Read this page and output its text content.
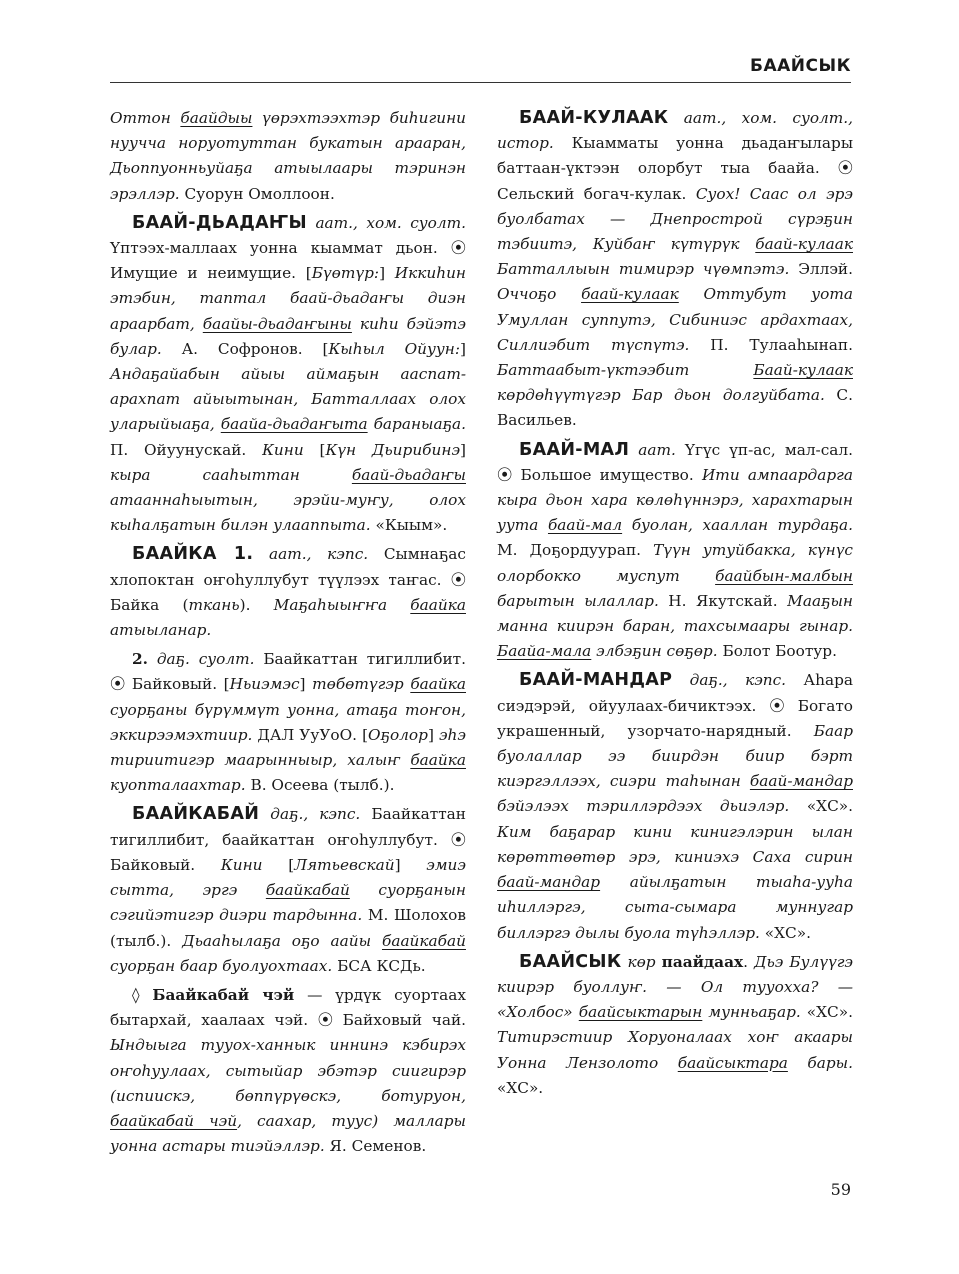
БААЙСЫК

Оттон баайдыы үөрэхтээхтэр биһигини нуучча норуотуттан букатын арааран, Дьоппуонньуйаҕа атыылаары тэринэн эрэллэр. Суорун Омоллоон.

БААЙ-ДЬАДАҤЫ аат., хом. суолт. Үптээх-маллаах уонна кыаммат дьон. ⦿ Имущие и неимущие. [Бүөтүр:] Иккиһин этэбин, таптал баай-дьадаҥы диэн араарбат, баайы-дьадаҥыны киһи бэйэтэ булар. А. Софронов. [Кыһыл Ойуун:] Андаҕайабын айыы аймаҕын ааспат-арахпат айыытынан, Батталлаах олох уларыйыаҕа, баайа-дьадаҥыта бараныаҕа. П. Ойуунускай. Кини [Күн Дьирибинэ] кыра сааһыттан баай-дьадаҥы атааннаһыытын, эрэйи-муҥу, олох кыһалҕатын билэн улааппыта. «Кыым».

БААЙКА 1. аат., кэпс. Сымнаҕас хлопоктан оҥоһуллубут түүлээх таҥас. ⦿ Байка (ткань). Маҕаһыыҥҥа баайка атыыланар.

2. даҕ. суолт. Баайкаттан тигиллибит. ⦿ Байковый. [Ньиэмэс] төбөтүгэр баайка суорҕаны бүрүммүт уонна, атаҕа тоҥон, эккирээмэхтиир. ДАЛ УуУоО. [Оҕолор] эһэ тириитигэр маарынныыр, халыҥ баайка куопталаахтар. В. Осеева (тылб.).

БААЙКАБАЙ даҕ., кэпс. Баайкаттан тигиллибит, баайкаттан оҥоһуллубут. ⦿ Байковый. Кини [Лятьевскай] эмиэ сытта, эргэ баайкабай суорҕанын сэгийэтигэр диэри тардынна. М. Шолохов (тылб.). Дьааһылаҕа оҕо аайы баайкабай суорҕан баар буолуохтаах. БСА КСДь.

◊ Баайкабай чэй — үрдүк суортаах бытархай, хаалаах чэй. ⦿ Байховый чай. Ындыыга тууох-ханнык иннинэ кэбирэх оҥоһуулаах, сытыйар эбэтэр сиигирэр (испиискэ, бөппүрүөскэ, ботуруон, баайкабай чэй, саахар, туус) маллары уонна астары тиэйэллэр. Я. Семенов.

БААЙ-КУЛААК аат., хом. суолт., истор. Кыамматы уонна дьадаҥылары баттаан-үктээн олорбут тыа баайа. ⦿ Сельский богач-кулак. Суох! Саас ол эрэ буолбатах — Днепрострой сүрэҕин тэбиитэ, Куйбаҥ күтүрүк баай-кулаак Батталлыын тимирэр чүөмпэтэ. Эллэй. Оччоҕо баай-кулаак Оттубут уота Умуллан суппутэ, Сибиниэс ардахтаах, Силлиэбит түспүтэ. П. Тулааһынап. Баттаабыт-үктээбит Баай-кулаак көрдөһүүтүгэр Бар дьон долгуйбата. С. Васильев.

БААЙ-МАЛ аат. Үгүс үп-ас, мал-сал. ⦿ Большое имущество. Ити ампаардарга кыра дьон хара көлөһүннэрэ, харахтарын уута баай-мал буолан, хааллан турдаҕа. М. Доҕордуурап. Түүн утуйбакка, күнүс олорбокко муспут баайбын-малбын барытын ылаллар. Н. Якутскай. Мааҕын манна киирэн баран, тахсымаары гынар. Баайа-мала элбэҕин сөҕөр. Болот Боотур.

БААЙ-МАНДАР даҕ., кэпс. Аһара сиэдэрэй, ойуулаах-бичиктээх. ⦿ Богато украшенный, узорчато-нарядный. Баар буолаллар ээ биирдэн биир бэрт киэргэллээх, сиэри таһынан баай-мандар бэйэлээх тэриллэрдээх дьиэлэр. «ХС». Ким баҕарар кини кинигэлэрин ылан көрөттөөтөр эрэ, киниэхэ Саха сирин баай-мандар айылҕатын тыаһа-ууһа иһиллэргэ, сыта-сымара муннугар биллэргэ дылы буола түһэллэр. «ХС».

БААЙСЫК көр паайдаах. Дьэ Булүүгэ киирэр буоллуҥ. — Ол тууохха? — «Холбос» баайсыктарын мунньаҕар. «ХС». Титирэстиир Хоруоналаах хоҥ акаары Уонна Лензолото баайсыктара бары. «ХС».

59
